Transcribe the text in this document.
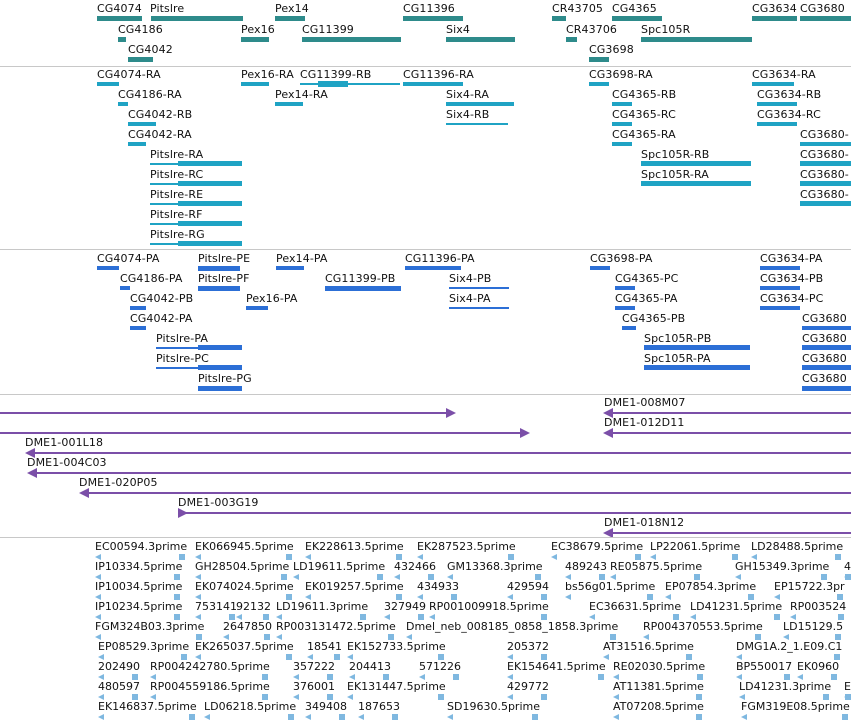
CG4074 Pitslre	Pex14	CG11396	CR43705 CG4365	CG3634 CG3680
CG4186	Pex16 CG11399	Six4	CR43706 Spc105R
CG4042	CG3698
CG4074-RA	Pex16-RA CG11399-RB	CG11396-RA	CG3698-RA	CG3634-RA
CG4186-RA	Pex14-RA	Six4-RA	CG4365-RB	CG3634-RB
CG4042-RB	Six4-RB	CG4365-RC	CG3634-RC
CG4042-RA	CG4365-RA	CG3680-
Pitslre-RA	Spc105R-RB	CG3680-
Pitslre-RC	Spc105R-RA	CG3680-
Pitslre-RE	CG3680-
Pitslre-RF
Pitslre-RG
CG4074-PA	Pitslre-PE Pex14-PA	CG11396-PA	CG3698-PA	CG3634-PA
CG4186-PA Pitslre-PF	CG11399-PB	Six4-PB	CG4365-PC	CG3634-PB
CG4042-PB	Pex16-PA	Six4-PA	CG4365-PA	CG3634-PC
CG4042-PA	CG4365-PB	CG3680
Pitslre-PA	Spc105R-PB	CG3680
Pitslre-PC	Spc105R-PA	CG3680
Pitslre-PG	CG3680
DME1-008M07
DME1-012D11
DME1-001L18
DME1-004C03
DME1-020P05
DME1-003G19
DME1-018N12
EC00594.3prime EK066945.5prime EK228613.5prime EK287523.5prime	EC38679.5prime LP22061.5prime LD28488.5prime
IP10334.5prime GH28504.5prime LD19611.5prime 432466 GM13368.3prime 489243 RE05875.5prime	GH15349.3prime 4
IP10034.5prime EK074024.5prime EK019257.5prime 434933	429594 bs56g01.5prime EP07854.3prime EP15722.3pr
IP10234.5prime 753141 92132 LD19611.3prime 327949 RP001009918.5prime	EC36631.5prime LD41231.5prime RP003524
FGM324B03.3prime 2647850 RP003131472.5prime Dmel_neb_008185_0858_1858.3prime RP004370553.5prime LD15129.5
EP08529.3prime EK265037.5prime 18541 EK152733.5prime	205372	AT31516.5prime	DMG1A.2_1.E09.C1
202490 RP004242780.5prime 357222 204413	571226	EK154641.5prime RE02030.5prime	BP550017 EK0960
480597 RP004559186.5prime 376001 EK131447.5prime	429772	AT11381.5prime	LD41231.3prime E
EK146837.5prime LD06218.5prime 349408 187653	SD19630.5prime	AT07208.5prime	FGM319E08.5prime
